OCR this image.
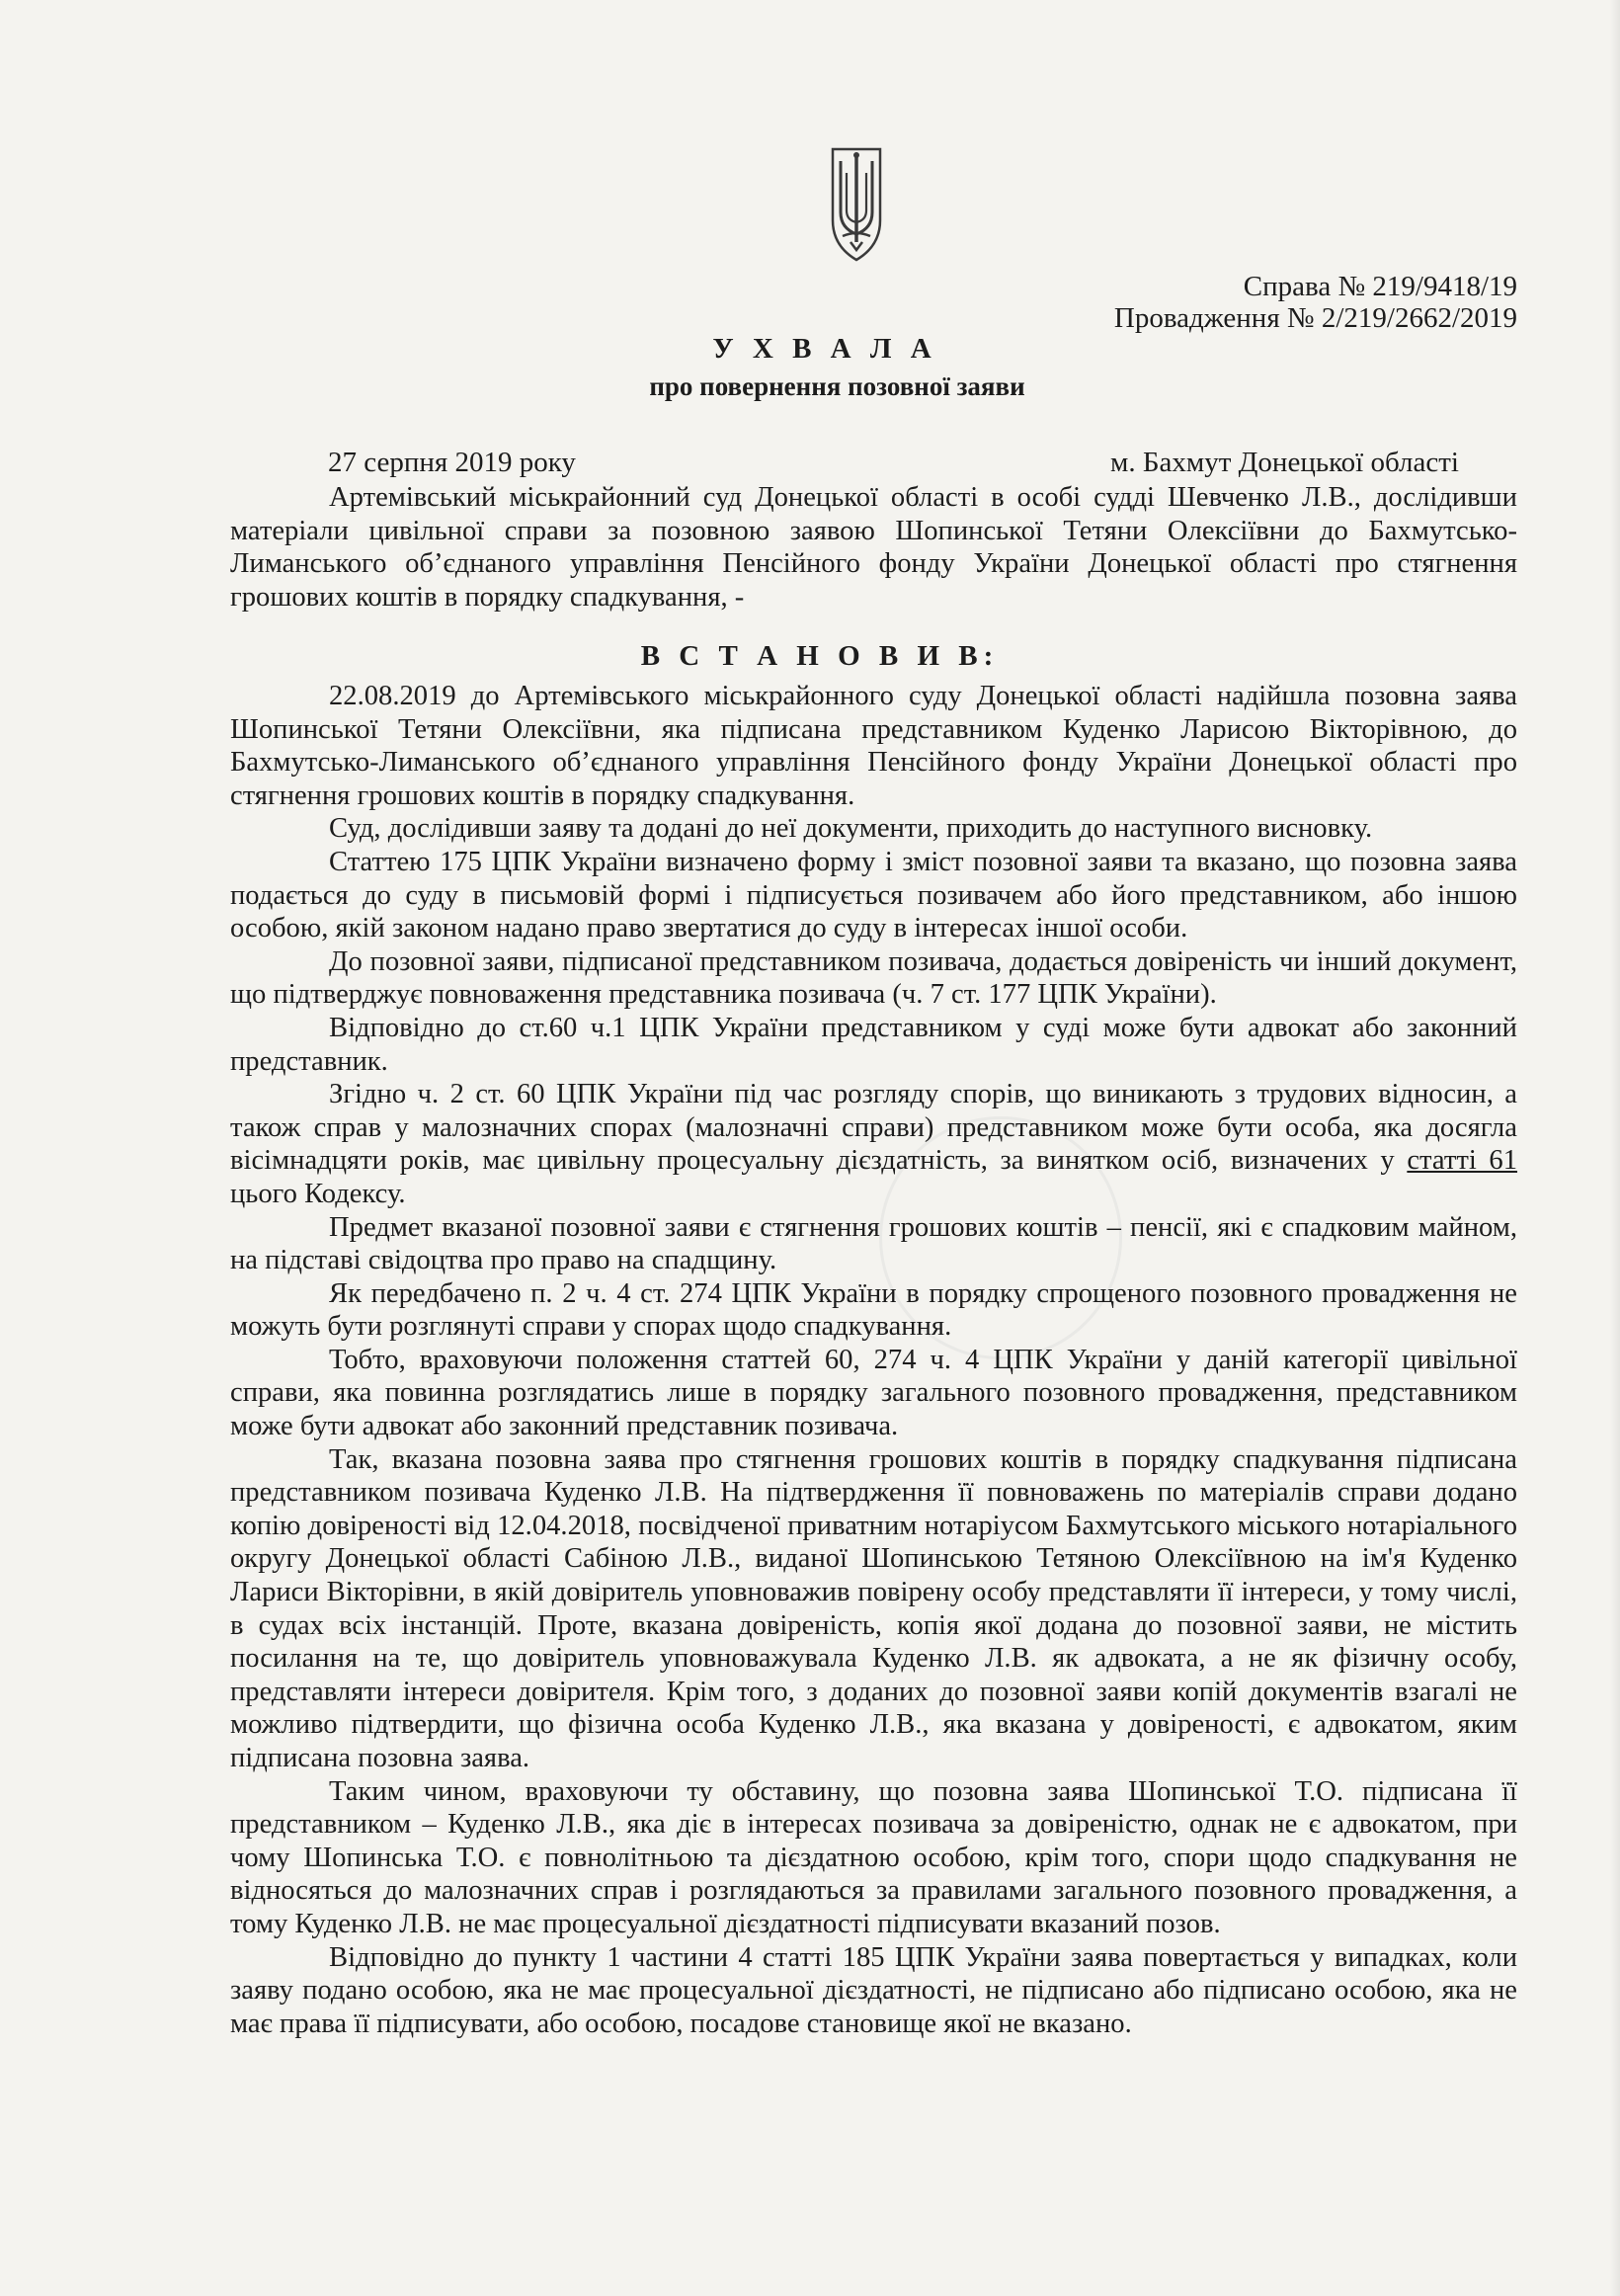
Справа № 219/9418/19
Провадження № 2/219/2662/2019
У Х В А Л А
про повернення позовної заяви
27 серпня 2019 року	м. Бахмут Донецької області

Артемівський міськрайонний суд Донецької області в особі судді Шевченко Л.В., дослідивши матеріали цивільної справи за позовною заявою Шопинської Тетяни Олексіївни до Бахмутсько-Лиманського об’єднаного управління Пенсійного фонду України Донецької області про стягнення грошових коштів в порядку спадкування, -

В С Т А Н О В И В:

22.08.2019 до Артемівського міськрайонного суду Донецької області надійшла позовна заява Шопинської Тетяни Олексіївни, яка підписана представником Куденко Ларисою Вікторівною, до Бахмутсько-Лиманського об’єднаного управління Пенсійного фонду України Донецької області про стягнення грошових коштів в порядку спадкування.

Суд, дослідивши заяву та додані до неї документи, приходить до наступного висновку.

Статтею 175 ЦПК України визначено форму і зміст позовної заяви та вказано, що позовна заява подається до суду в письмовій формі і підписується позивачем або його представником, або іншою особою, якій законом надано право звертатися до суду в інтересах іншої особи.

До позовної заяви, підписаної представником позивача, додається довіреність чи інший документ, що підтверджує повноваження представника позивача (ч. 7 ст. 177 ЦПК України).

Відповідно до ст.60 ч.1 ЦПК України представником у суді може бути адвокат або законний представник.

Згідно ч. 2 ст. 60 ЦПК України під час розгляду спорів, що виникають з трудових відносин, а також справ у малозначних спорах (малозначні справи) представником може бути особа, яка досягла вісімнадцяти років, має цивільну процесуальну дієздатність, за винятком осіб, визначених у статті 61 цього Кодексу.

Предмет вказаної позовної заяви є стягнення грошових коштів – пенсії, які є спадковим майном, на підставі свідоцтва про право на спадщину.

Як передбачено п. 2 ч. 4 ст. 274 ЦПК України в порядку спрощеного позовного провадження не можуть бути розглянуті справи у спорах щодо спадкування.

Тобто, враховуючи положення статтей 60, 274 ч. 4 ЦПК України у даній категорії цивільної справи, яка повинна розглядатись лише в порядку загального позовного провадження, представником може бути адвокат або законний представник позивача.

Так, вказана позовна заява про стягнення грошових коштів в порядку спадкування підписана представником позивача Куденко Л.В. На підтвердження її повноважень по матеріалів справи додано копію довіреності від 12.04.2018, посвідченої приватним нотаріусом Бахмутського міського нотаріального округу Донецької області Сабіною Л.В., виданої Шопинською Тетяною Олексіївною на ім'я Куденко Лариси Вікторівни, в якій довіритель уповноважив повірену особу представляти її інтереси, у тому числі, в судах всіх інстанцій. Проте, вказана довіреність, копія якої додана до позовної заяви, не містить посилання на те, що довіритель уповноважувала Куденко Л.В. як адвоката, а не як фізичну особу, представляти інтереси довірителя. Крім того, з доданих до позовної заяви копій документів взагалі не можливо підтвердити, що фізична особа Куденко Л.В., яка вказана у довіреності, є адвокатом, яким підписана позовна заява.

Таким чином, враховуючи ту обставину, що позовна заява Шопинської Т.О. підписана її представником – Куденко Л.В., яка діє в інтересах позивача за довіреністю, однак не є адвокатом, при чому Шопинська Т.О. є повнолітньою та дієздатною особою, крім того, спори щодо спадкування не відносяться до малозначних справ і розглядаються за правилами загального позовного провадження, а тому Куденко Л.В. не має процесуальної дієздатності підписувати вказаний позов.

Відповідно до пункту 1 частини 4 статті 185 ЦПК України заява повертається у випадках, коли заяву подано особою, яка не має процесуальної дієздатності, не підписано або підписано особою, яка не має права її підписувати, або особою, посадове становище якої не вказано.
